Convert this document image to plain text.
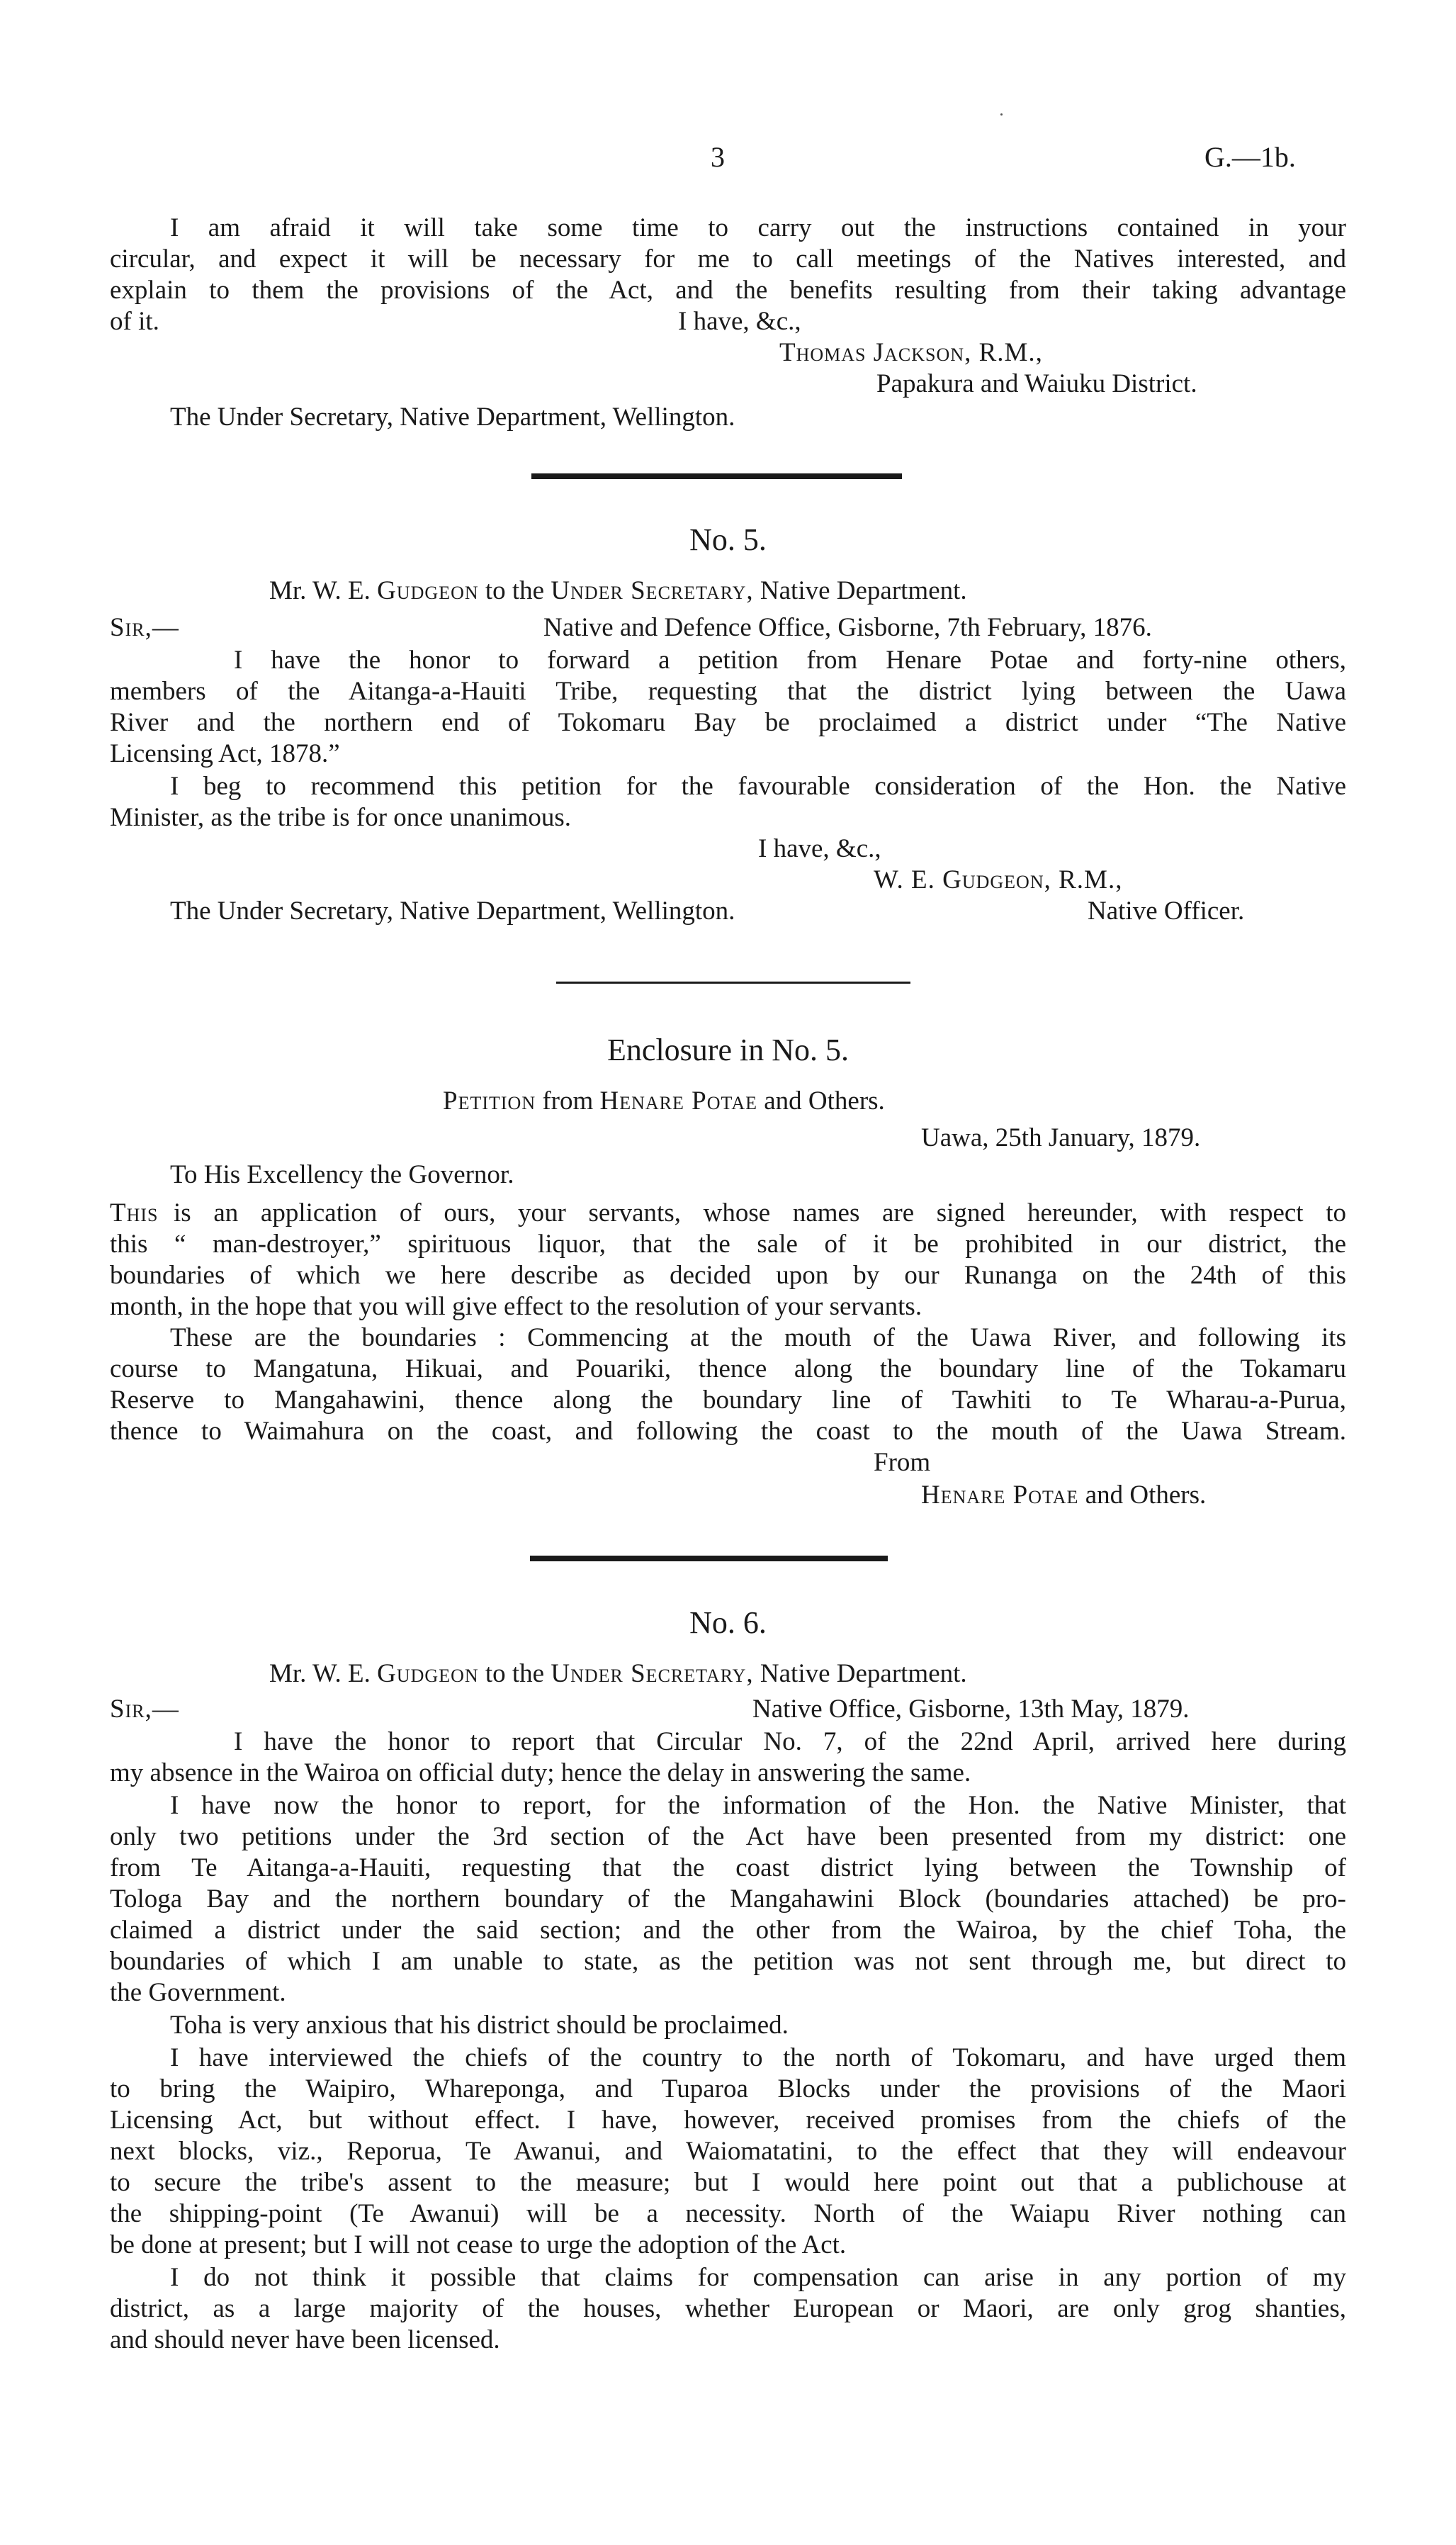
3	G.—1b.
I am afraid it will take some time to carry out the instructions contained in your
circular, and expect it will be necessary for me to call meetings of the Natives interested, and
explain to them the provisions of the Act, and the benefits resulting from their taking advantage
of it.	I have, &c.,
Thomas Jackson, R.M.,
Papakura and Waiuku District.
The Under Secretary, Native Department, Wellington.
No. 5.
Mr. W. E. Gudgeon to the Under Secretary, Native Department.
Sir,—	Native and Defence Office, Gisborne, 7th February, 1876.
I have the honor to forward a petition from Henare Potae and forty-nine others,
members of the Aitanga-a-Hauiti Tribe, requesting that the district lying between the Uawa
River and the northern end of Tokomaru Bay be proclaimed a district under “The Native
Licensing Act, 1878.”
I beg to recommend this petition for the favourable consideration of the Hon. the Native
Minister, as the tribe is for once unanimous.
I have, &c.,
W. E. Gudgeon, R.M.,
The Under Secretary, Native Department, Wellington.	Native Officer.
Enclosure in No. 5.
Petition from Henare Potae and Others.
Uawa, 25th January, 1879.
To His Excellency the Governor.
This is an application of ours, your servants, whose names are signed hereunder, with respect to
this “ man-destroyer,” spirituous liquor, that the sale of it be prohibited in our district, the
boundaries of which we here describe as decided upon by our Runanga on the 24th of this
month, in the hope that you will give effect to the resolution of your servants.
These are the boundaries : Commencing at the mouth of the Uawa River, and following its
course to Mangatuna, Hikuai, and Pouariki, thence along the boundary line of the Tokamaru
Reserve to Mangahawini, thence along the boundary line of Tawhiti to Te Wharau-a-Purua,
thence to Waimahura on the coast, and following the coast to the mouth of the Uawa Stream.
From
Henare Potae and Others.
No. 6.
Mr. W. E. Gudgeon to the Under Secretary, Native Department.
Sir,—	Native Office, Gisborne, 13th May, 1879.
I have the honor to report that Circular No. 7, of the 22nd April, arrived here during
my absence in the Wairoa on official duty; hence the delay in answering the same.
I have now the honor to report, for the information of the Hon. the Native Minister, that
only two petitions under the 3rd section of the Act have been presented from my district: one
from Te Aitanga-a-Hauiti, requesting that the coast district lying between the Township of
Tologa Bay and the northern boundary of the Mangahawini Block (boundaries attached) be pro-
claimed a district under the said section; and the other from the Wairoa, by the chief Toha, the
boundaries of which I am unable to state, as the petition was not sent through me, but direct to
the Government.
Toha is very anxious that his district should be proclaimed.
I have interviewed the chiefs of the country to the north of Tokomaru, and have urged them
to bring the Waipiro, Whareponga, and Tuparoa Blocks under the provisions of the Maori
Licensing Act, but without effect. I have, however, received promises from the chiefs of the
next blocks, viz., Reporua, Te Awanui, and Waiomatatini, to the effect that they will endeavour
to secure the tribe's assent to the measure; but I would here point out that a publichouse at
the shipping-point (Te Awanui) will be a necessity. North of the Waiapu River nothing can
be done at present; but I will not cease to urge the adoption of the Act.
I do not think it possible that claims for compensation can arise in any portion of my
district, as a large majority of the houses, whether European or Maori, are only grog shanties,
and should never have been licensed.
